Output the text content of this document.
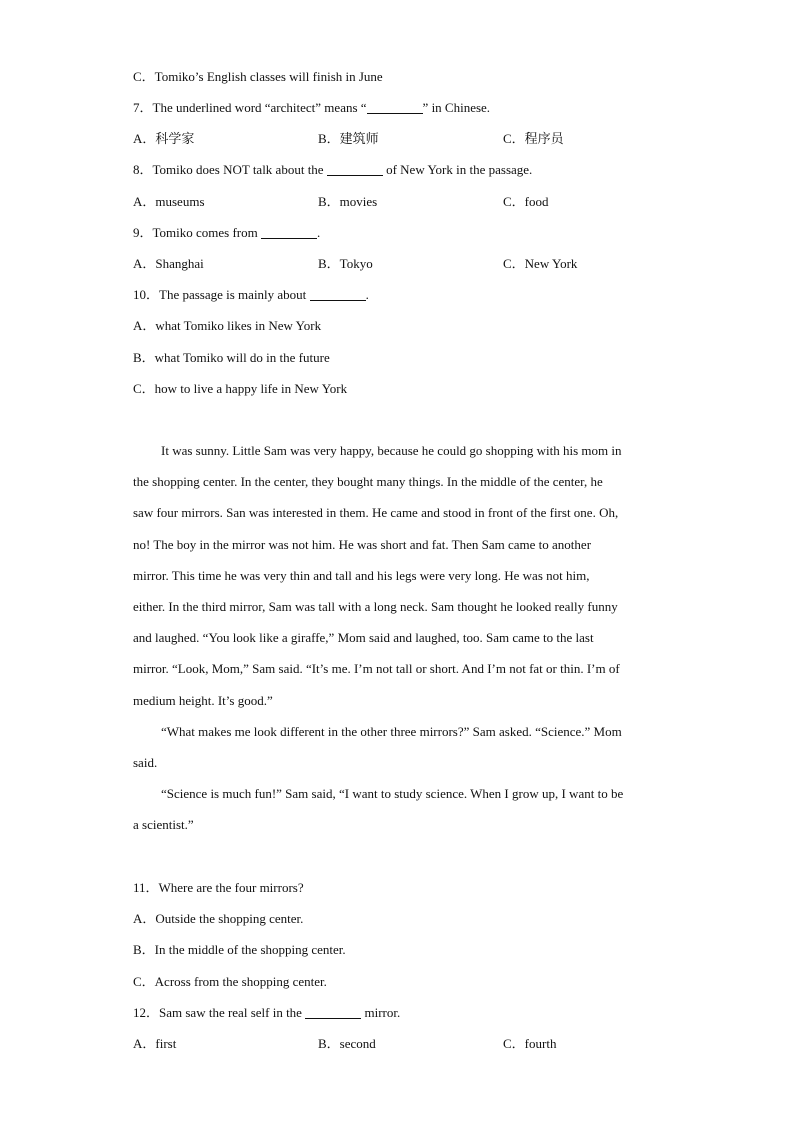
C．Tomiko’s English classes will finish in June
7．The underlined word “architect” means “	” in Chinese.
A．科学家	B．建筑师	C．程序员
8．Tomiko does NOT talk about the	of New York in the passage.
A．museums	B．movies	C．food
9．Tomiko comes from	.
A．Shanghai	B．Tokyo	C．New York
10．The passage is mainly about	.
A．what Tomiko likes in New York
B．what Tomiko will do in the future
C．how to live a happy life in New York
It was sunny. Little Sam was very happy, because he could go shopping with his mom in
the shopping center. In the center, they bought many things. In the middle of the center, he
saw four mirrors. San was interested in them. He came and stood in front of the first one. Oh,
no! The boy in the mirror was not him. He was short and fat. Then Sam came to another
mirror. This time he was very thin and tall and his legs were very long. He was not him,
either. In the third mirror, Sam was tall with a long neck. Sam thought he looked really funny
and laughed. “You look like a giraffe,” Mom said and laughed, too. Sam came to the last
mirror. “Look, Mom,” Sam said. “It’s me. I’m not tall or short. And I’m not fat or thin. I’m of
medium height. It’s good.”
“What makes me look different in the other three mirrors?” Sam asked. “Science.” Mom
said.
“Science is much fun!” Sam said, “I want to study science. When I grow up, I want to be
a scientist.”
11．Where are the four mirrors?
A．Outside the shopping center.
B．In the middle of the shopping center.
C．Across from the shopping center.
12．Sam saw the real self in the	mirror.
A．first	B．second	C．fourth
